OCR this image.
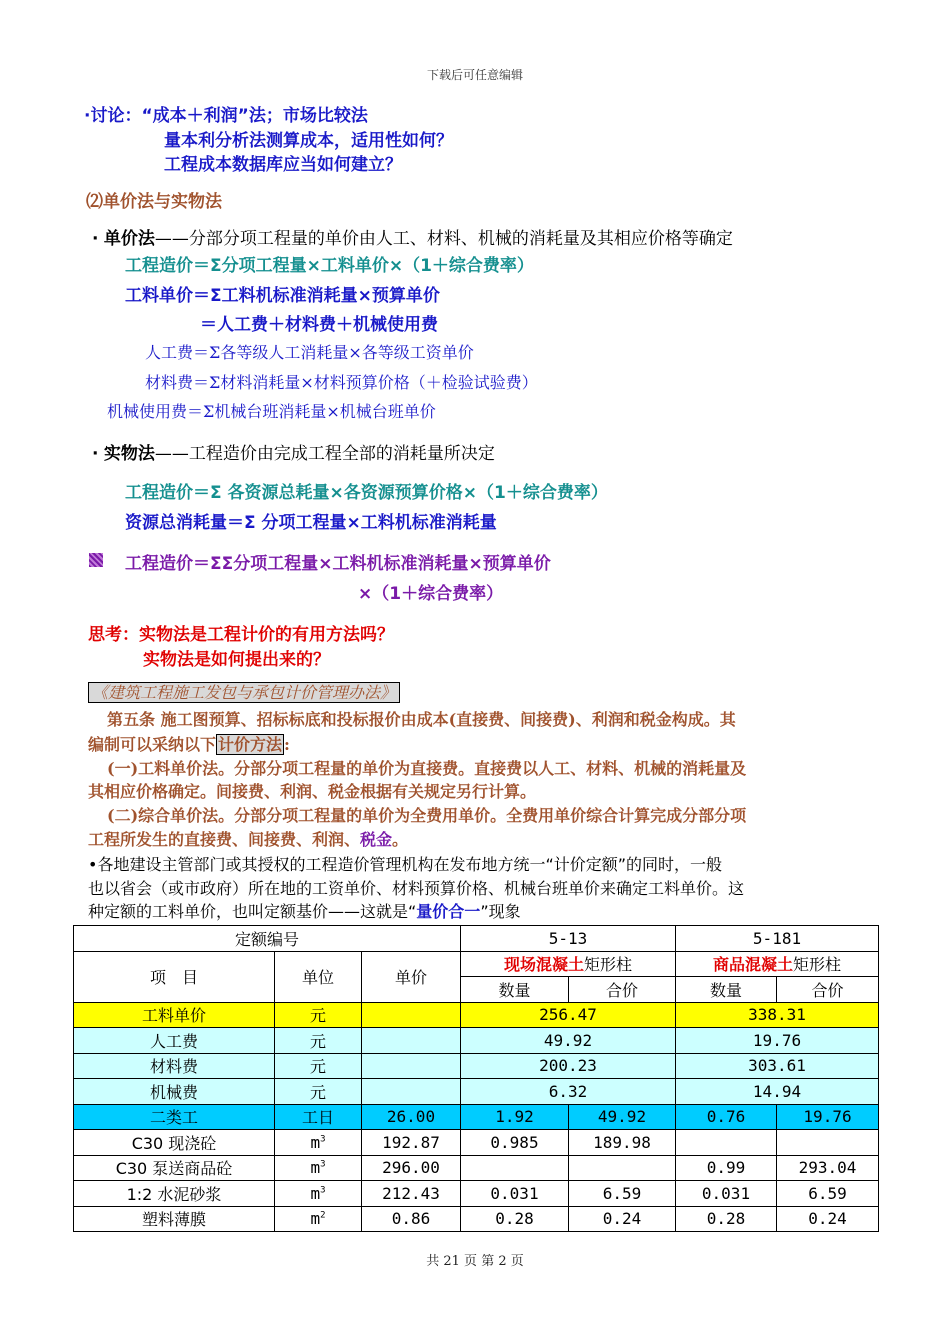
下载后可任意编辑
·讨论：“成本＋利润”法；市场比较法
量本利分析法测算成本，适用性如何？
工程成本数据库应当如何建立？
⑵单价法与实物法
· 单价法——分部分项工程量的单价由人工、材料、机械的消耗量及其相应价格等确定
工程造价＝Σ分项工程量×工料单价×（1＋综合费率）
工料单价＝Σ工料机标准消耗量×预算单价
＝人工费＋材料费＋机械使用费
人工费＝Σ各等级人工消耗量×各等级工资单价
材料费＝Σ材料消耗量×材料预算价格（＋检验试验费）
机械使用费＝Σ机械台班消耗量×机械台班单价
· 实物法——工程造价由完成工程全部的消耗量所决定
工程造价＝Σ 各资源总耗量×各资源预算价格×（1＋综合费率）
资源总消耗量＝Σ 分项工程量×工料机标准消耗量
工程造价＝ΣΣ分项工程量×工料机标准消耗量×预算单价
×（1＋综合费率）
思考：实物法是工程计价的有用方法吗？
实物法是如何提出来的？
《建筑工程施工发包与承包计价管理办法》
第五条 施工图预算、招标标底和投标报价由成本(直接费、间接费)、利润和税金构成。其
编制可以采纳以下 计价方法 :
(一)工料单价法。分部分项工程量的单价为直接费。直接费以人工、材料、机械的消耗量及
其相应价格确定。间接费、利润、税金根据有关规定另行计算。
(二)综合单价法。分部分项工程量的单价为全费用单价。全费用单价综合计算完成分部分项
工程所发生的直接费、间接费、利润、税金。
•各地建设主管部门或其授权的工程造价管理机构在发布地方统一“计价定额”的同时，一般
也以省会（或市政府）所在地的工资单价、材料预算价格、机械台班单价来确定工料单价。这
种定额的工料单价，也叫定额基价——这就是“量价合一”现象
定额编号			5-13		5-181	
项　目	单位	单价	现场混凝土矩形柱		商品混凝土矩形柱	
			数量	合价	数量	合价
工料单价	元		256.47		338.31	
人工费	元		49.92		19.76	
材料费	元		200.23		303.61	
机械费	元		6.32		14.94	
二类工	工日	26.00	1.92	49.92	0.76	19.76
C30 现浇砼	$m^3$	192.87	0.985	189.98		
C30 泵送商品砼	$m^3$	296.00			0.99	293.04
1:2 水泥砂浆	$m^3$	212.43	0.031	6.59	0.031	6.59
塑料薄膜	$m^2$	0.86	0.28	0.24	0.28	0.24
共 21 页 第 2 页
